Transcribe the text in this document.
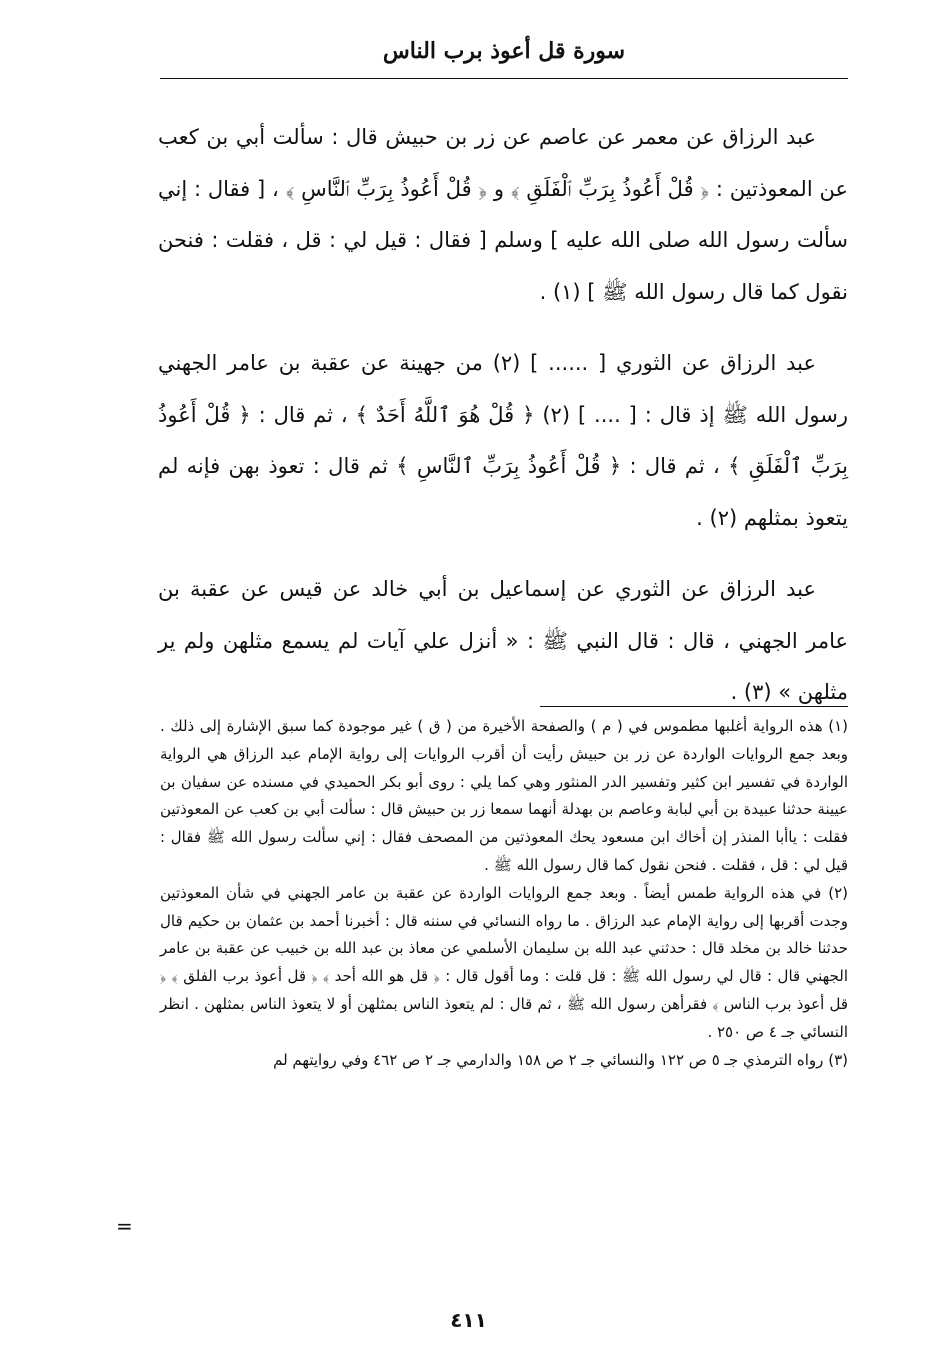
سورة قل أعوذ برب الناس

عبد الرزاق عن معمر عن عاصم عن زر بن حبيش قال : سألت أبي بن كعب عن المعوذتين : ﴿ قُلْ أَعُوذُ بِرَبِّ ٱلْفَلَقِ ﴾ و ﴿ قُلْ أَعُوذُ بِرَبِّ ٱلنَّاسِ ﴾ ، [ فقال : إني سألت رسول الله صلى الله عليه ] وسلم [ فقال : قيل لي : قل ، فقلت : فنحن نقول كما قال رسول الله ﷺ ] (١) .

عبد الرزاق عن الثوري [ ...... ] (٢) من جهينة عن عقبة بن عامر الجهني رسول الله ﷺ إذ قال : [ .... ] (٢) ﴿ قُلْ هُوَ ٱللَّهُ أَحَدٌ ﴾ ، ثم قال : ﴿ قُلْ أَعُوذُ بِرَبِّ ٱلْفَلَقِ ﴾ ، ثم قال : ﴿ قُلْ أَعُوذُ بِرَبِّ ٱلنَّاسِ ﴾ ثم قال : تعوذ بهن فإنه لم يتعوذ بمثلهم (٢) .

عبد الرزاق عن الثوري عن إسماعيل بن أبي خالد عن قيس عن عقبة بن عامر الجهني ، قال : قال النبي ﷺ : « أنزل علي آيات لم يسمع مثلهن ولم ير مثلهن » (٣) .

(١) هذه الرواية أغلبها مطموس في ( م ) والصفحة الأخيرة من ( ق ) غير موجودة كما سبق الإشارة إلى ذلك . وبعد جمع الروايات الواردة عن زر بن حبيش رأيت أن أقرب الروايات إلى رواية الإمام عبد الرزاق هي الرواية الواردة في تفسير ابن كثير وتفسير الدر المنثور وهي كما يلي : روى أبو بكر الحميدي في مسنده عن سفيان بن عيينة حدثنا عبيدة بن أبي لبابة وعاصم بن بهدلة أنهما سمعا زر بن حبيش قال : سألت أبي بن كعب عن المعوذتين فقلت : ياأبا المنذر إن أخاك ابن مسعود يحك المعوذتين من المصحف فقال : إني سألت رسول الله ﷺ فقال : قيل لي : قل ، فقلت . فنحن نقول كما قال رسول الله ﷺ .

(٢) في هذه الرواية طمس أيضاً . وبعد جمع الروايات الواردة عن عقبة بن عامر الجهني في شأن المعوذتين وجدت أقربها إلى رواية الإمام عبد الرزاق . ما رواه النسائي في سننه قال : أخبرنا أحمد بن عثمان بن حكيم قال حدثنا خالد بن مخلد قال : حدثني عبد الله بن سليمان الأسلمي عن معاذ بن عبد الله بن خبيب عن عقبة بن عامر الجهني قال : قال لي رسول الله ﷺ : قل قلت : وما أقول قال : ﴿ قل هو الله أحد ﴾ ﴿ قل أعوذ برب الفلق ﴾ ﴿ قل أعوذ برب الناس ﴾ فقرأهن رسول الله ﷺ ، ثم قال : لم يتعوذ الناس بمثلهن أو لا يتعوذ الناس بمثلهن . انظر النسائي جـ ٤ ص ٢٥٠ .

(٣) رواه الترمذي جـ ٥ ص ١٢٢ والنسائي جـ ٢ ص ١٥٨ والدارمي جـ ٢ ص ٤٦٢ وفي روايتهم لم

=
٤١١
